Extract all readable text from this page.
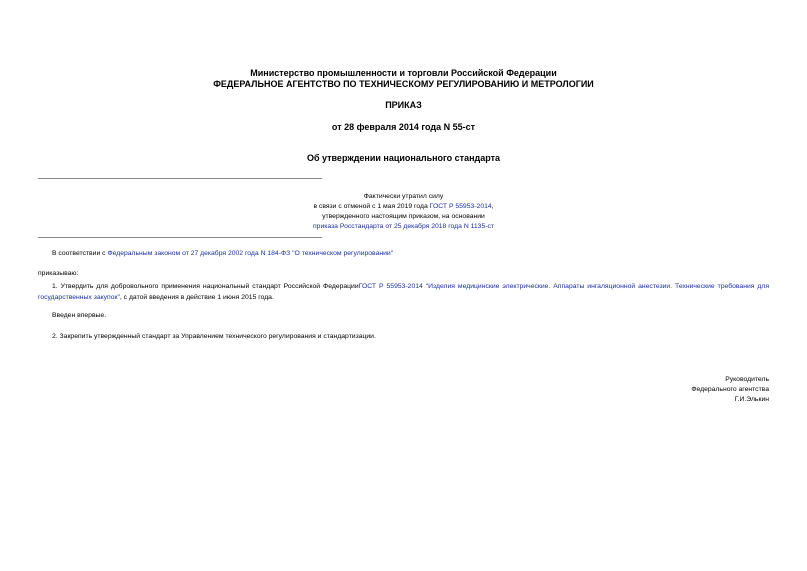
Министерство промышленности и торговли Российской Федерации
ФЕДЕРАЛЬНОЕ АГЕНТСТВО ПО ТЕХНИЧЕСКОМУ РЕГУЛИРОВАНИЮ И МЕТРОЛОГИИ
ПРИКАЗ
от 28 февраля 2014 года N 55-ст
Об утверждении национального стандарта
Фактически утратил силу
в связи с отменой с 1 мая 2019 года ГОСТ Р 55953-2014,
утвержденного настоящим приказом, на основании
приказа Росстандарта от 25 декабря 2018 года N 1135-ст
В соответствии с Федеральным законом от 27 декабря 2002 года N 184-ФЗ "О техническом регулировании"
приказываю:
1. Утвердить для добровольного применения национальный стандарт Российской ФедерацииГОСТ Р 55953-2014 "Изделия медицинские электрические. Аппараты ингаляционной анестезии. Технические требования для государственных закупок", с датой введения в действие 1 июня 2015 года.
Введен впервые.
2. Закрепить утвержденный стандарт за Управлением технического регулирования и стандартизации.
Руководитель
Федерального агентства
Г.И.Элькин
